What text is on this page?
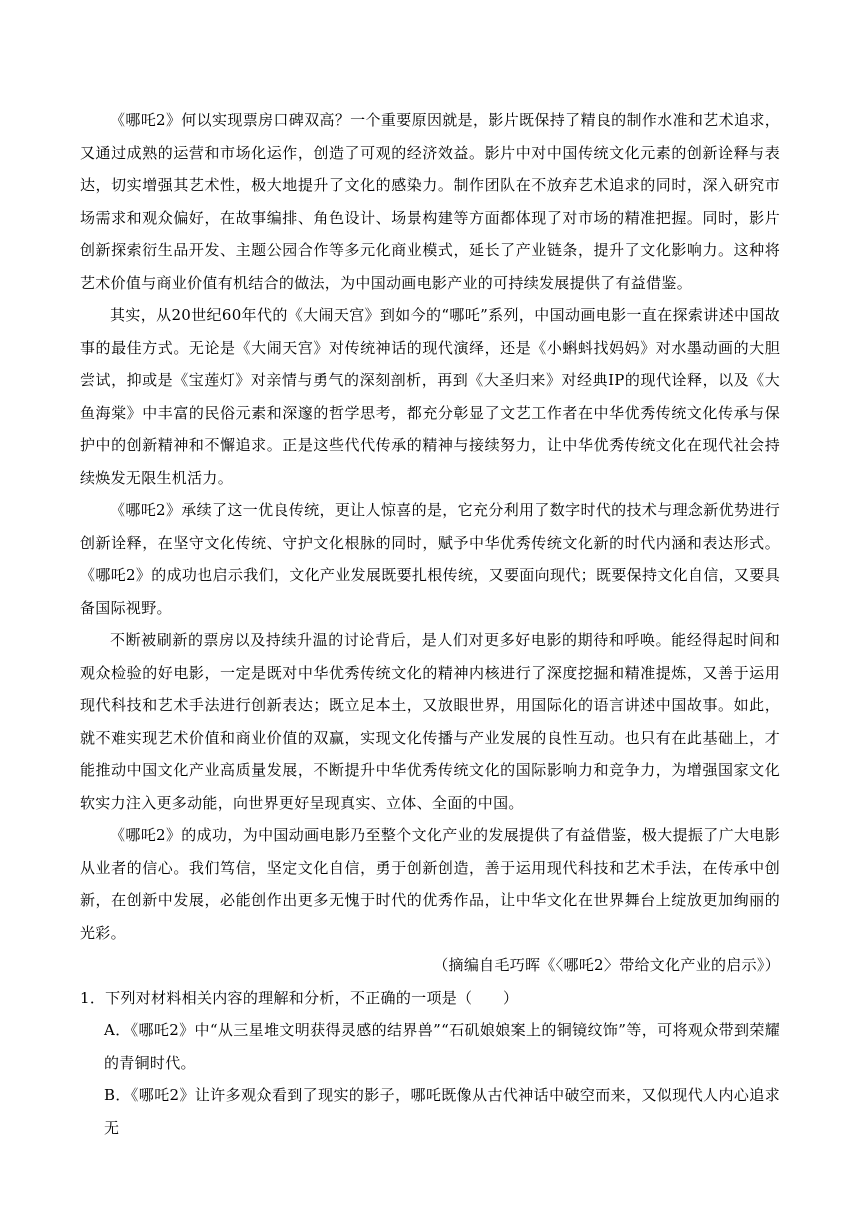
《哪吒2》何以实现票房口碑双高？一个重要原因就是，影片既保持了精良的制作水准和艺术追求，又通过成熟的运营和市场化运作，创造了可观的经济效益。影片中对中国传统文化元素的创新诠释与表达，切实增强其艺术性，极大地提升了文化的感染力。制作团队在不放弃艺术追求的同时，深入研究市场需求和观众偏好，在故事编排、角色设计、场景构建等方面都体现了对市场的精准把握。同时，影片创新探索衍生品开发、主题公园合作等多元化商业模式，延长了产业链条，提升了文化影响力。这种将艺术价值与商业价值有机结合的做法，为中国动画电影产业的可持续发展提供了有益借鉴。

其实，从20世纪60年代的《大闹天宫》到如今的“哪吒”系列，中国动画电影一直在探索讲述中国故事的最佳方式。无论是《大闹天宫》对传统神话的现代演绎，还是《小蝌蚪找妈妈》对水墨动画的大胆尝试，抑或是《宝莲灯》对亲情与勇气的深刻剖析，再到《大圣归来》对经典IP的现代诠释，以及《大鱼海棠》中丰富的民俗元素和深邃的哲学思考，都充分彰显了文艺工作者在中华优秀传统文化传承与保护中的创新精神和不懈追求。正是这些代代传承的精神与接续努力，让中华优秀传统文化在现代社会持续焕发无限生机活力。

《哪吒2》承续了这一优良传统，更让人惊喜的是，它充分利用了数字时代的技术与理念新优势进行创新诠释，在坚守文化传统、守护文化根脉的同时，赋予中华优秀传统文化新的时代内涵和表达形式。《哪吒2》的成功也启示我们，文化产业发展既要扎根传统，又要面向现代；既要保持文化自信，又要具备国际视野。

不断被刷新的票房以及持续升温的讨论背后，是人们对更多好电影的期待和呼唤。能经得起时间和观众检验的好电影，一定是既对中华优秀传统文化的精神内核进行了深度挖掘和精准提炼，又善于运用现代科技和艺术手法进行创新表达；既立足本土，又放眼世界，用国际化的语言讲述中国故事。如此，就不难实现艺术价值和商业价值的双赢，实现文化传播与产业发展的良性互动。也只有在此基础上，才能推动中国文化产业高质量发展，不断提升中华优秀传统文化的国际影响力和竞争力，为增强国家文化软实力注入更多动能，向世界更好呈现真实、立体、全面的中国。

《哪吒2》的成功，为中国动画电影乃至整个文化产业的发展提供了有益借鉴，极大提振了广大电影从业者的信心。我们笃信，坚定文化自信，勇于创新创造，善于运用现代科技和艺术手法，在传承中创新，在创新中发展，必能创作出更多无愧于时代的优秀作品，让中华文化在世界舞台上绽放更加绚丽的光彩。

（摘编自毛巧晖《〈哪吒2〉带给文化产业的启示》）

1．下列对材料相关内容的理解和分析，不正确的一项是（　　）

A．《哪吒2》中“从三星堆文明获得灵感的结界兽”“石矶娘娘案上的铜镜纹饰”等，可将观众带到荣耀的青铜时代。

B．《哪吒2》让许多观众看到了现实的影子，哪吒既像从古代神话中破空而来，又似现代人内心追求无
